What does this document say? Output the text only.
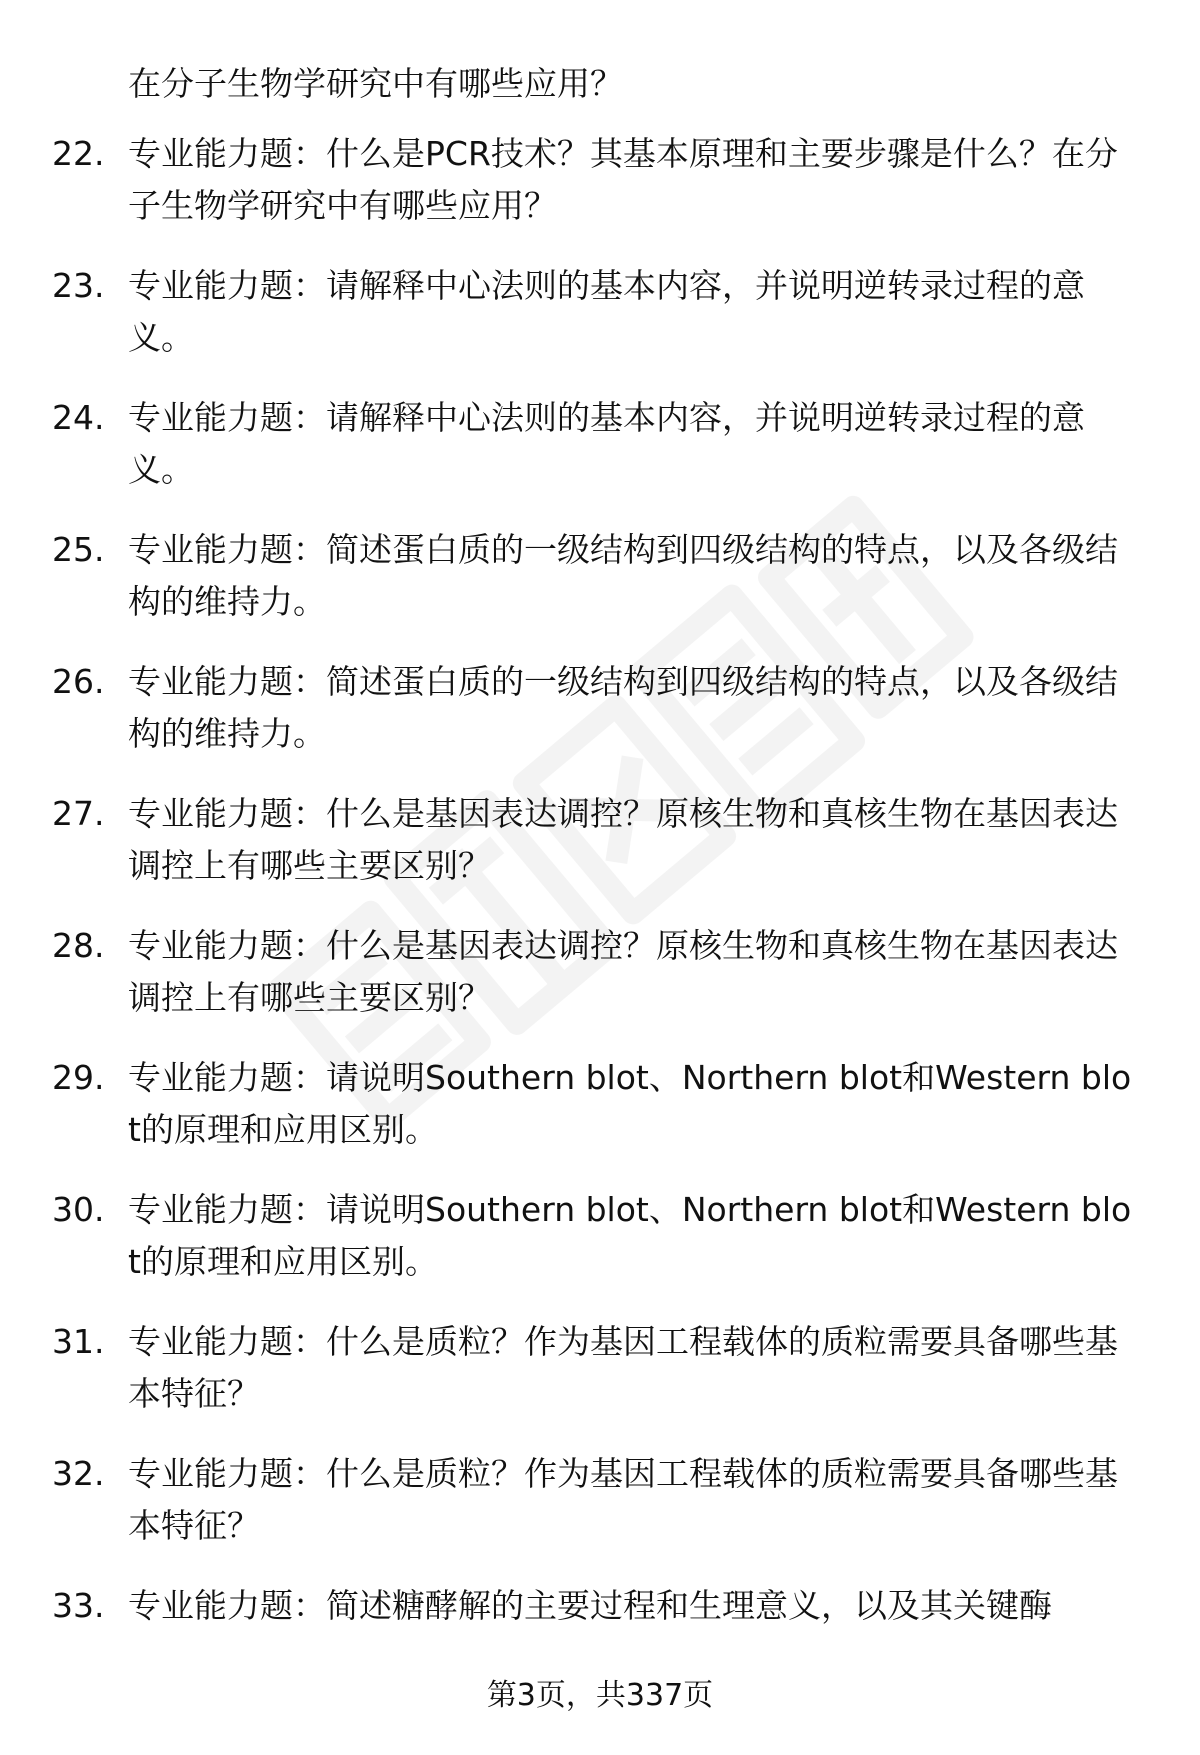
在分子生物学研究中有哪些应用？
22. 专业能力题：什么是PCR技术？其基本原理和主要步骤是什么？在分子生物学研究中有哪些应用？
23. 专业能力题：请解释中心法则的基本内容，并说明逆转录过程的意义。
24. 专业能力题：请解释中心法则的基本内容，并说明逆转录过程的意义。
25. 专业能力题：简述蛋白质的一级结构到四级结构的特点，以及各级结构的维持力。
26. 专业能力题：简述蛋白质的一级结构到四级结构的特点，以及各级结构的维持力。
27. 专业能力题：什么是基因表达调控？原核生物和真核生物在基因表达调控上有哪些主要区别？
28. 专业能力题：什么是基因表达调控？原核生物和真核生物在基因表达调控上有哪些主要区别？
29. 专业能力题：请说明Southern blot、Northern blot和Western blot的原理和应用区别。
30. 专业能力题：请说明Southern blot、Northern blot和Western blot的原理和应用区别。
31. 专业能力题：什么是质粒？作为基因工程载体的质粒需要具备哪些基本特征？
32. 专业能力题：什么是质粒？作为基因工程载体的质粒需要具备哪些基本特征？
33. 专业能力题：简述糖酵解的主要过程和生理意义，以及其关键酶
第3页，共337页
